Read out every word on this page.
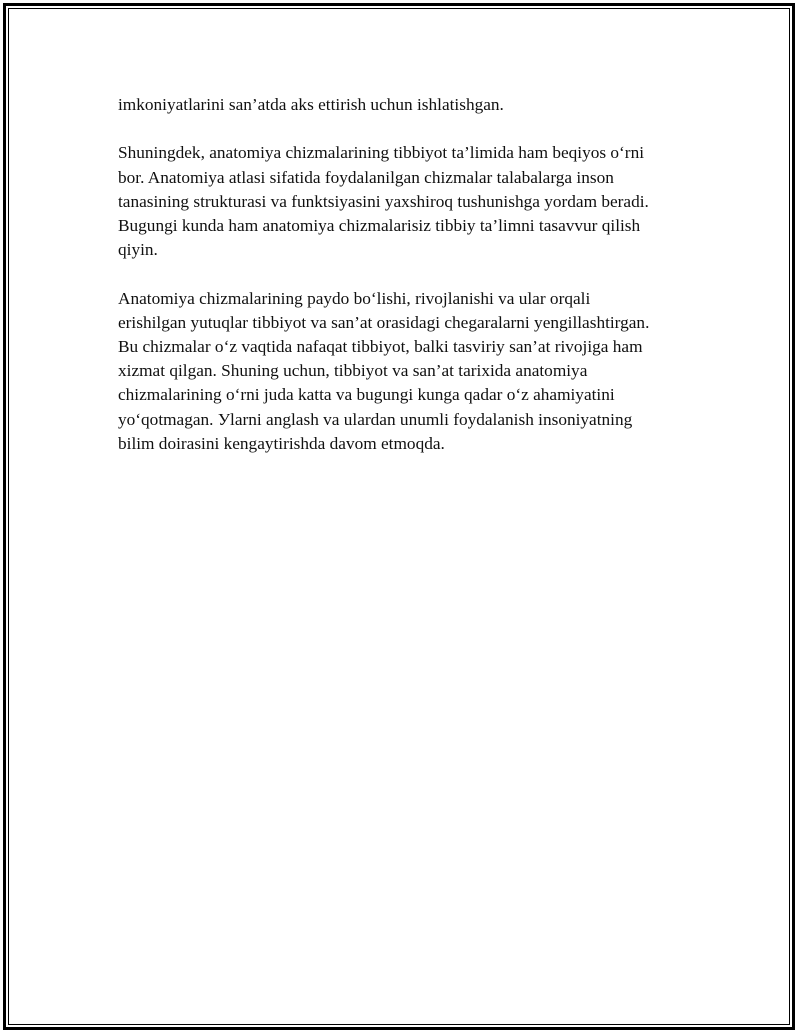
imkoniyatlarini san’atda aks ettirish uchun ishlatishgan.

Shuningdek, anatomiya chizmalarining tibbiyot ta’limida ham beqiyos o‘rni
bor. Anatomiya atlasi sifatida foydalanilgan chizmalar talabalarga inson
tanasining strukturasi va funktsiyasini yaxshiroq tushunishga yordam beradi.
Bugungi kunda ham anatomiya chizmalarisiz tibbiy ta’limni tasavvur qilish
qiyin.

Anatomiya chizmalarining paydo bo‘lishi, rivojlanishi va ular orqali
erishilgan yutuqlar tibbiyot va san’at orasidagi chegaralarni yengillashtirgan.
Bu chizmalar o‘z vaqtida nafaqat tibbiyot, balki tasviriy san’at rivojiga ham
xizmat qilgan. Shuning uchun, tibbiyot va san’at tarixida anatomiya
chizmalarining o‘rni juda katta va bugungi kunga qadar o‘z ahamiyatini
yo‘qotmagan. Уlarni anglash va ulardan unumli foydalanish insoniyatning
bilim doirasini kengaytirishda davom etmoqda.
